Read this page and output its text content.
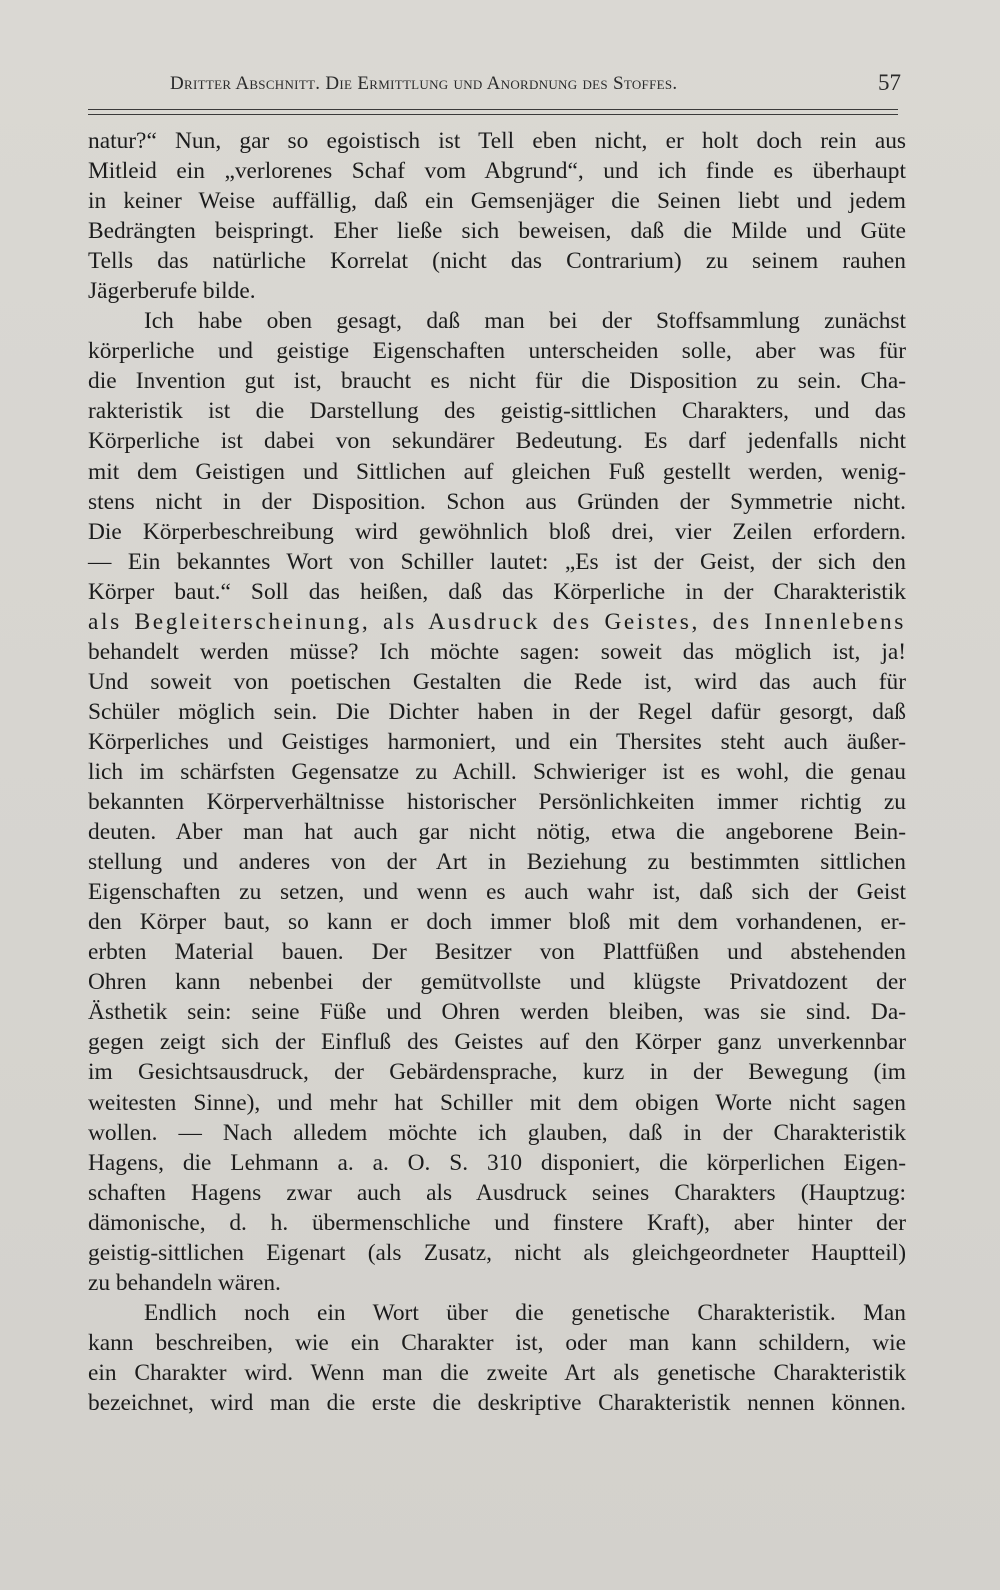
Dritter Abschnitt. Die Ermittlung und Anordnung des Stoffes.	57
natur?“ Nun, gar so egoistisch ist Tell eben nicht, er holt doch rein aus
Mitleid ein „verlorenes Schaf vom Abgrund“, und ich finde es überhaupt
in keiner Weise auffällig, daß ein Gemsenjäger die Seinen liebt und jedem
Bedrängten beispringt. Eher ließe sich beweisen, daß die Milde und Güte
Tells das natürliche Korrelat (nicht das Contrarium) zu seinem rauhen
Jägerberufe bilde.
Ich habe oben gesagt, daß man bei der Stoffsammlung zunächst
körperliche und geistige Eigenschaften unterscheiden solle, aber was für
die Invention gut ist, braucht es nicht für die Disposition zu sein. Cha-
rakteristik ist die Darstellung des geistig-sittlichen Charakters, und das
Körperliche ist dabei von sekundärer Bedeutung. Es darf jedenfalls nicht
mit dem Geistigen und Sittlichen auf gleichen Fuß gestellt werden, wenig-
stens nicht in der Disposition. Schon aus Gründen der Symmetrie nicht.
Die Körperbeschreibung wird gewöhnlich bloß drei, vier Zeilen erfordern.
— Ein bekanntes Wort von Schiller lautet: „Es ist der Geist, der sich den
Körper baut.“ Soll das heißen, daß das Körperliche in der Charakteristik
als Begleiterscheinung, als Ausdruck des Geistes, des Innenlebens
behandelt werden müsse? Ich möchte sagen: soweit das möglich ist, ja!
Und soweit von poetischen Gestalten die Rede ist, wird das auch für
Schüler möglich sein. Die Dichter haben in der Regel dafür gesorgt, daß
Körperliches und Geistiges harmoniert, und ein Thersites steht auch äußer-
lich im schärfsten Gegensatze zu Achill. Schwieriger ist es wohl, die genau
bekannten Körperverhältnisse historischer Persönlichkeiten immer richtig zu
deuten. Aber man hat auch gar nicht nötig, etwa die angeborene Bein-
stellung und anderes von der Art in Beziehung zu bestimmten sittlichen
Eigenschaften zu setzen, und wenn es auch wahr ist, daß sich der Geist
den Körper baut, so kann er doch immer bloß mit dem vorhandenen, er-
erbten Material bauen. Der Besitzer von Plattfüßen und abstehenden
Ohren kann nebenbei der gemütvollste und klügste Privatdozent der
Ästhetik sein: seine Füße und Ohren werden bleiben, was sie sind. Da-
gegen zeigt sich der Einfluß des Geistes auf den Körper ganz unverkennbar
im Gesichtsausdruck, der Gebärdensprache, kurz in der Bewegung (im
weitesten Sinne), und mehr hat Schiller mit dem obigen Worte nicht sagen
wollen. — Nach alledem möchte ich glauben, daß in der Charakteristik
Hagens, die Lehmann a. a. O. S. 310 disponiert, die körperlichen Eigen-
schaften Hagens zwar auch als Ausdruck seines Charakters (Hauptzug:
dämonische, d. h. übermenschliche und finstere Kraft), aber hinter der
geistig-sittlichen Eigenart (als Zusatz, nicht als gleichgeordneter Hauptteil)
zu behandeln wären.
Endlich noch ein Wort über die genetische Charakteristik. Man
kann beschreiben, wie ein Charakter ist, oder man kann schildern, wie
ein Charakter wird. Wenn man die zweite Art als genetische Charakteristik
bezeichnet, wird man die erste die deskriptive Charakteristik nennen können.
